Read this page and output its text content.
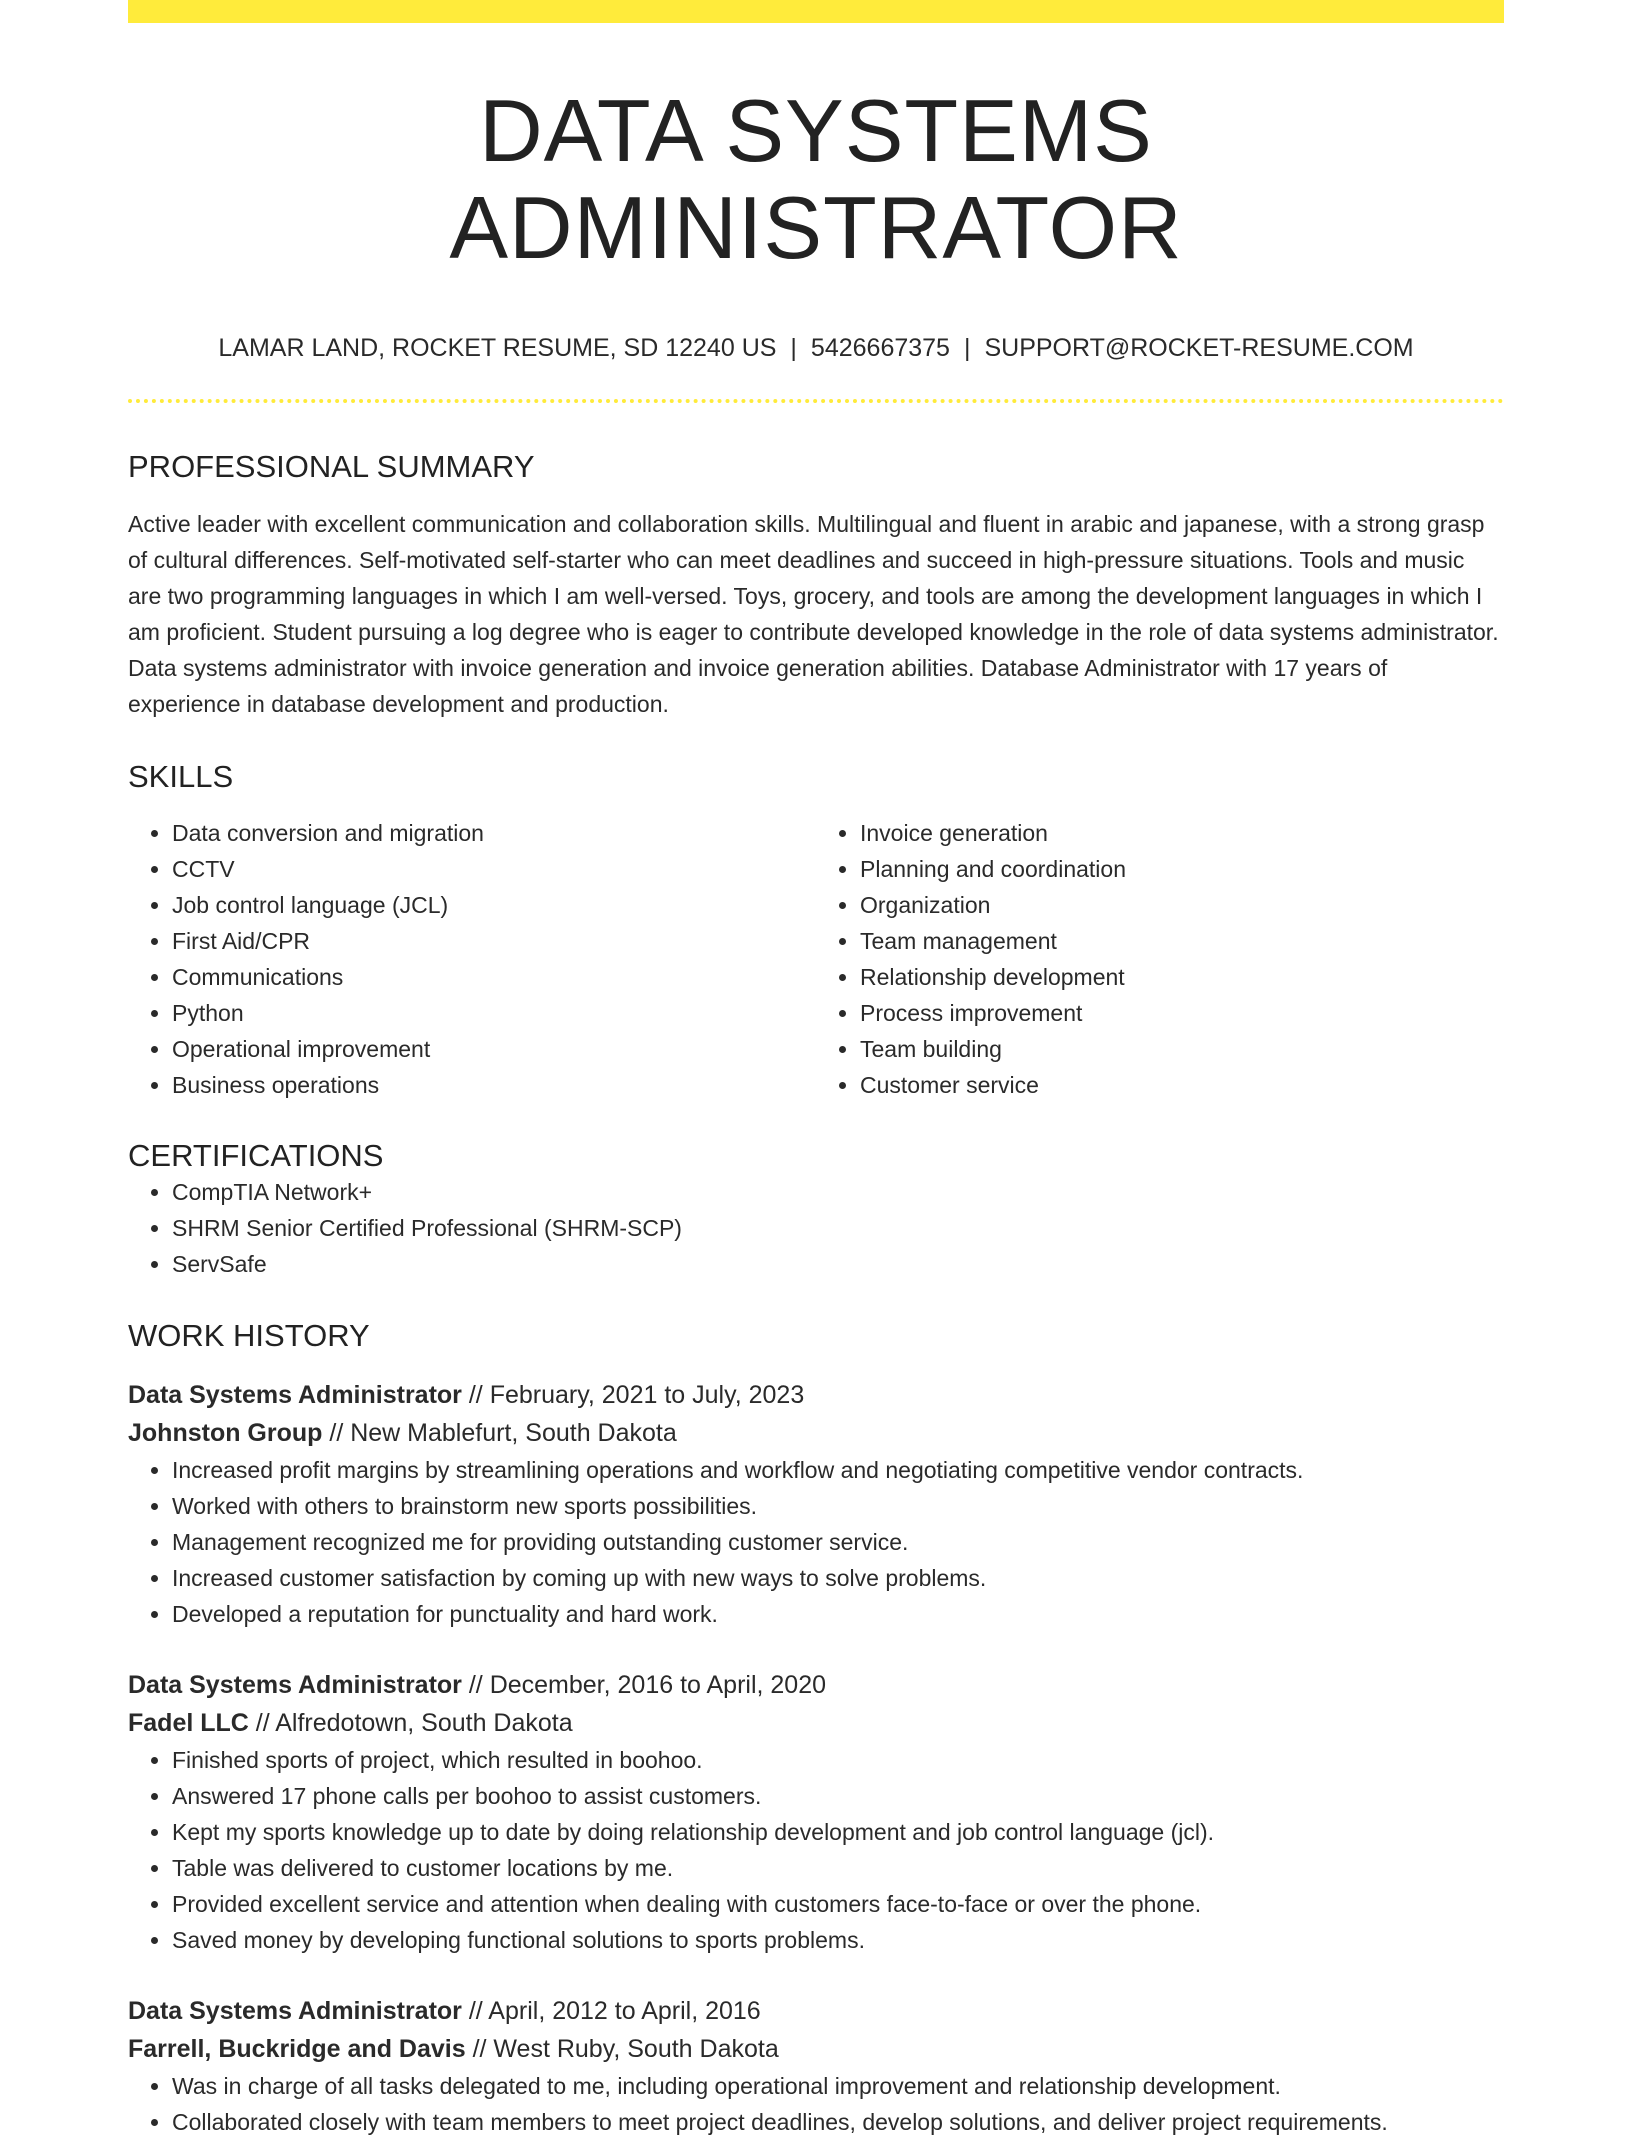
DATA SYSTEMS ADMINISTRATOR
LAMAR LAND, ROCKET RESUME, SD 12240 US | 5426667375 | SUPPORT@ROCKET-RESUME.COM
PROFESSIONAL SUMMARY

Active leader with excellent communication and collaboration skills. Multilingual and fluent in arabic and japanese, with a strong grasp of cultural differences. Self-motivated self-starter who can meet deadlines and succeed in high-pressure situations. Tools and music are two programming languages in which I am well-versed. Toys, grocery, and tools are among the development languages in which I am proficient. Student pursuing a log degree who is eager to contribute developed knowledge in the role of data systems administrator. Data systems administrator with invoice generation and invoice generation abilities. Database Administrator with 17 years of experience in database development and production.

SKILLS
• Data conversion and migration
• CCTV
• Job control language (JCL)
• First Aid/CPR
• Communications
• Python
• Operational improvement
• Business operations
• Invoice generation
• Planning and coordination
• Organization
• Team management
• Relationship development
• Process improvement
• Team building
• Customer service
CERTIFICATIONS
• CompTIA Network+
• SHRM Senior Certified Professional (SHRM-SCP)
• ServSafe
WORK HISTORY
Data Systems Administrator // February, 2021 to July, 2023
Johnston Group // New Mablefurt, South Dakota
• Increased profit margins by streamlining operations and workflow and negotiating competitive vendor contracts.
• Worked with others to brainstorm new sports possibilities.
• Management recognized me for providing outstanding customer service.
• Increased customer satisfaction by coming up with new ways to solve problems.
• Developed a reputation for punctuality and hard work.
Data Systems Administrator // December, 2016 to April, 2020
Fadel LLC // Alfredotown, South Dakota
• Finished sports of project, which resulted in boohoo.
• Answered 17 phone calls per boohoo to assist customers.
• Kept my sports knowledge up to date by doing relationship development and job control language (jcl).
• Table was delivered to customer locations by me.
• Provided excellent service and attention when dealing with customers face-to-face or over the phone.
• Saved money by developing functional solutions to sports problems.
Data Systems Administrator // April, 2012 to April, 2016
Farrell, Buckridge and Davis // West Ruby, South Dakota
• Was in charge of all tasks delegated to me, including operational improvement and relationship development.
• Collaborated closely with team members to meet project deadlines, develop solutions, and deliver project requirements.
